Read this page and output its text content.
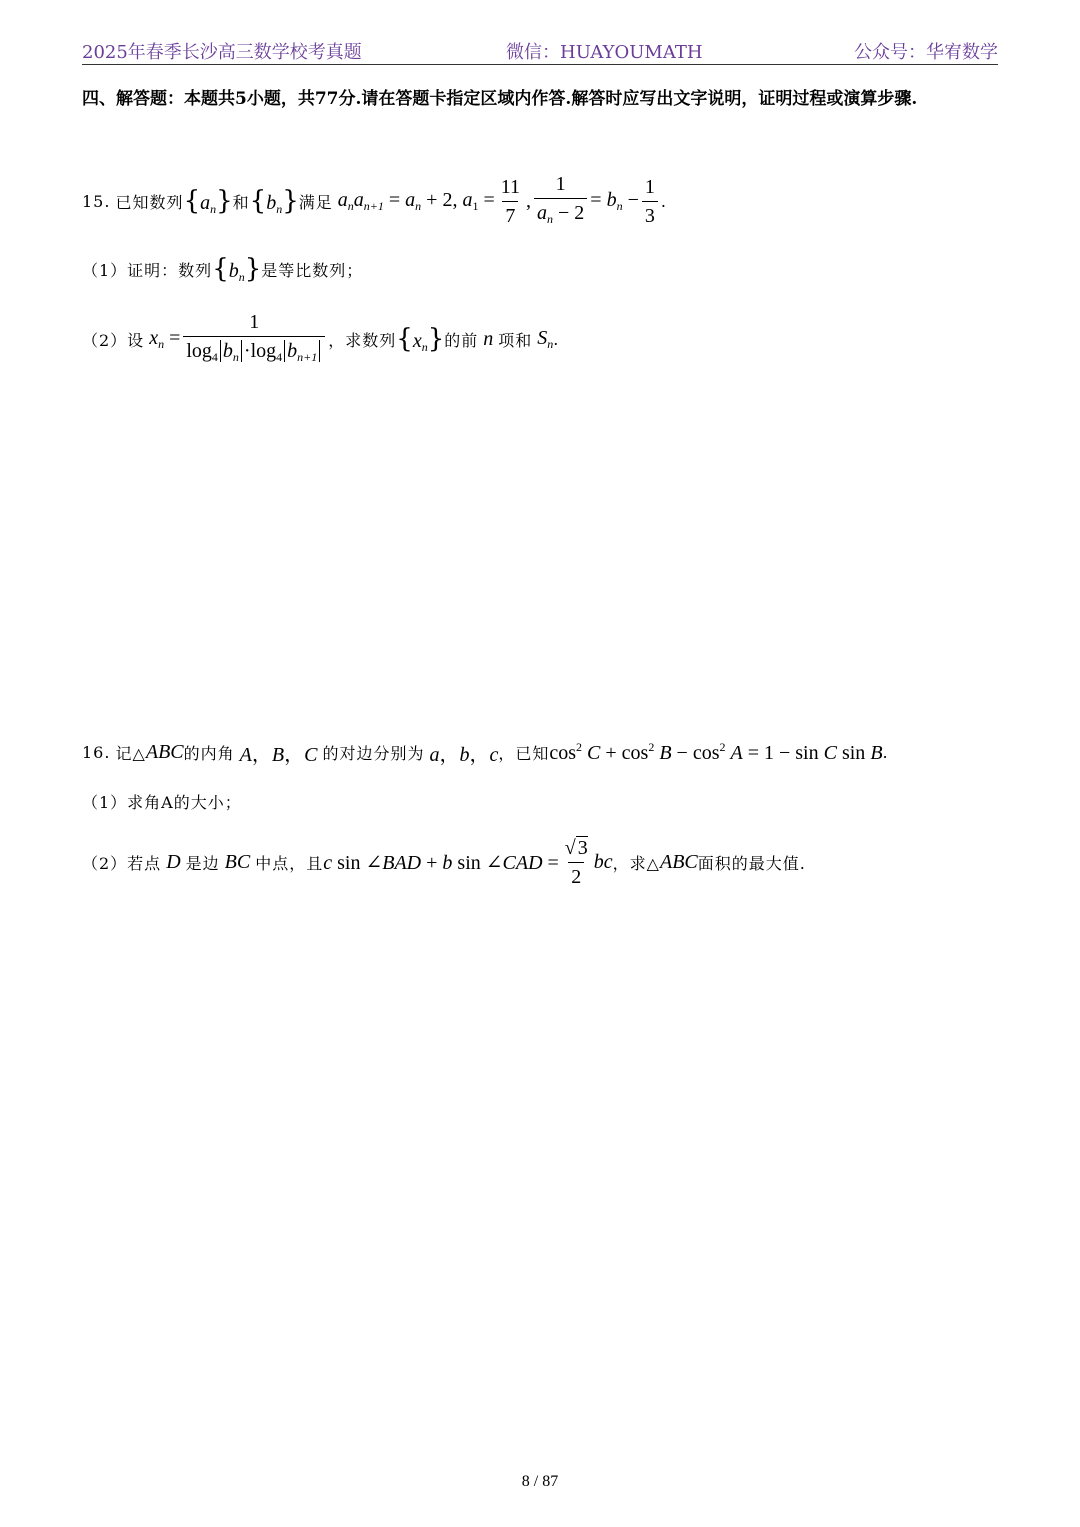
2025年春季长沙高三数学校考真题	微信：HUAYOUMATH	公众号：华宥数学
四、解答题：本题共5小题，共77分.请在答题卡指定区域内作答.解答时应写出文字说明，证明过程或演算步骤.
15.
已知数列 $\{a_n\}$ 和 $\{b_n\}$ 满足 $a_na_{n+1} = a_n + 2$, $a_1 = \frac{11}{7}$ , $\frac{1}{a_n - 2} = b_n - \frac{1}{3}$ .
（1）证明：数列 $\{b_n\}$ 是等比数列；
（2）设 $x_n = \frac{1}{\log_4 b_n \cdot\log_4 b_{n+1}}$ ，求数列 $\{x_n\}$ 的前 n 项和 $S_n$ .
16.
记△ ABC 的内角 A，B，C 的对边分别为 a，b，c ，已知 $\cos^2 C + \cos^2 B - \cos^2 A = 1 - \sin C$ sin B .
（1）求角A的大小；
（2）若点 D 是边 BC 中点，且 c sin ∠BAD + b sin ∠CAD = $\frac{√ 3}{2}$ bc ，求△ ABC 面积的最大值.
8 / 87
